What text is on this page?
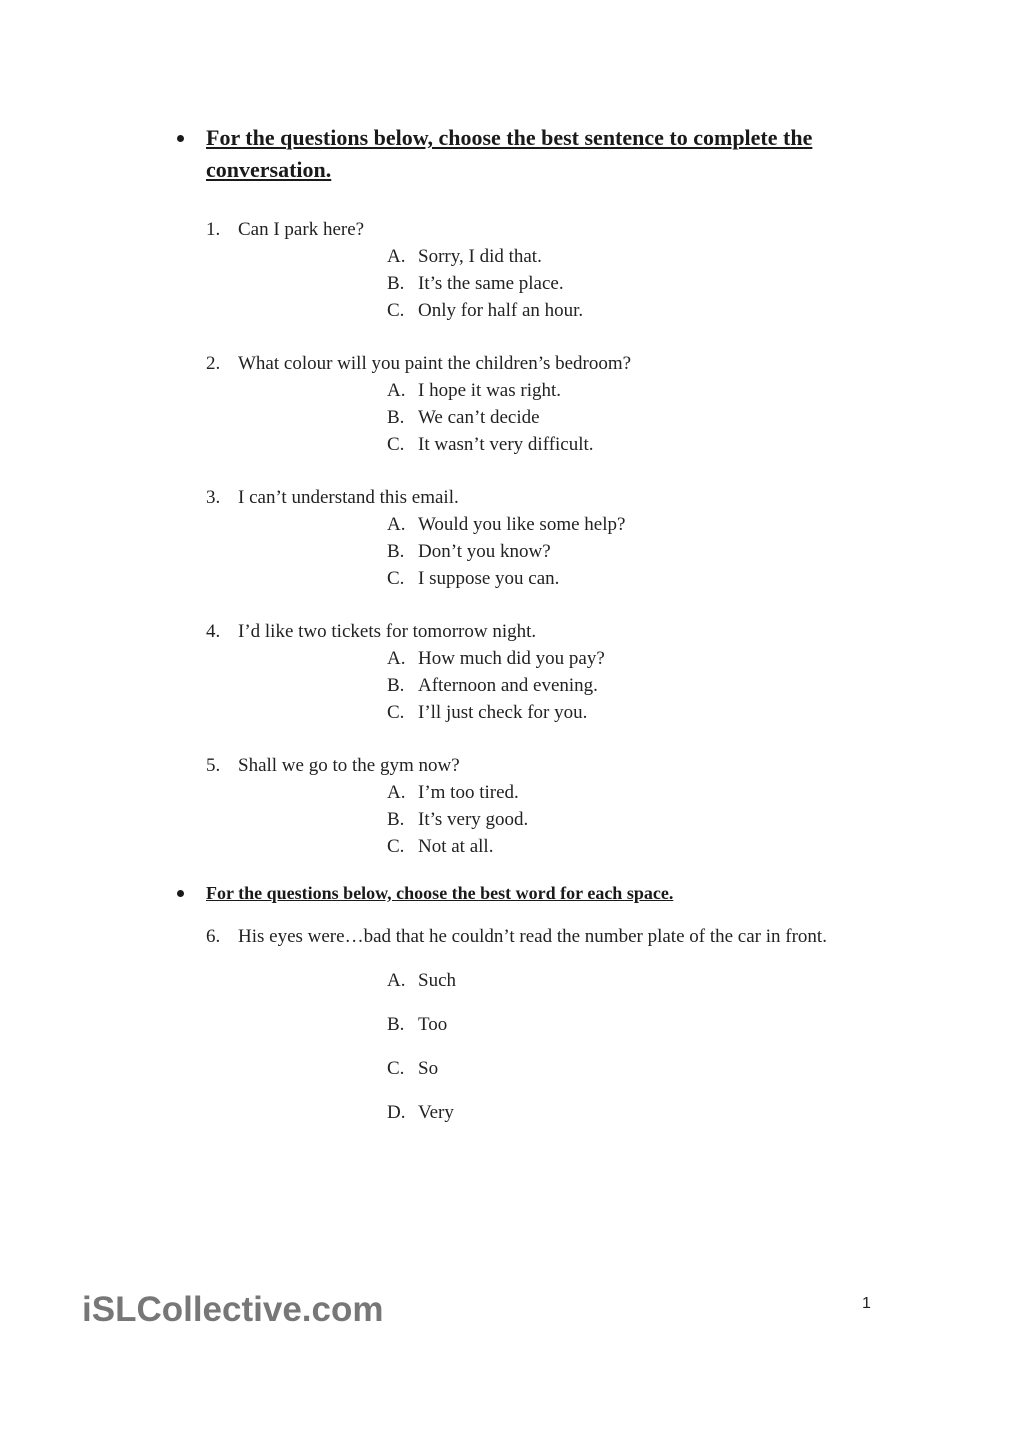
For the questions below, choose the best sentence to complete the conversation.
1. Can I park here?
A. Sorry, I did that.
B. It’s the same place.
C. Only for half an hour.
2. What colour will you paint the children’s bedroom?
A. I hope it was right.
B. We can’t decide
C. It wasn’t very difficult.
3. I can’t understand this email.
A. Would you like some help?
B. Don’t you know?
C. I suppose you can.
4. I’d like two tickets for tomorrow night.
A. How much did you pay?
B. Afternoon and evening.
C. I’ll just check for you.
5. Shall we go to the gym now?
A. I’m too tired.
B. It’s very good.
C. Not at all.
For the questions below, choose the best word for each space.
6. His eyes were…bad that he couldn’t read the number plate of the car in front.
A. Such
B. Too
C. So
D. Very
iSLCollective.com	1
